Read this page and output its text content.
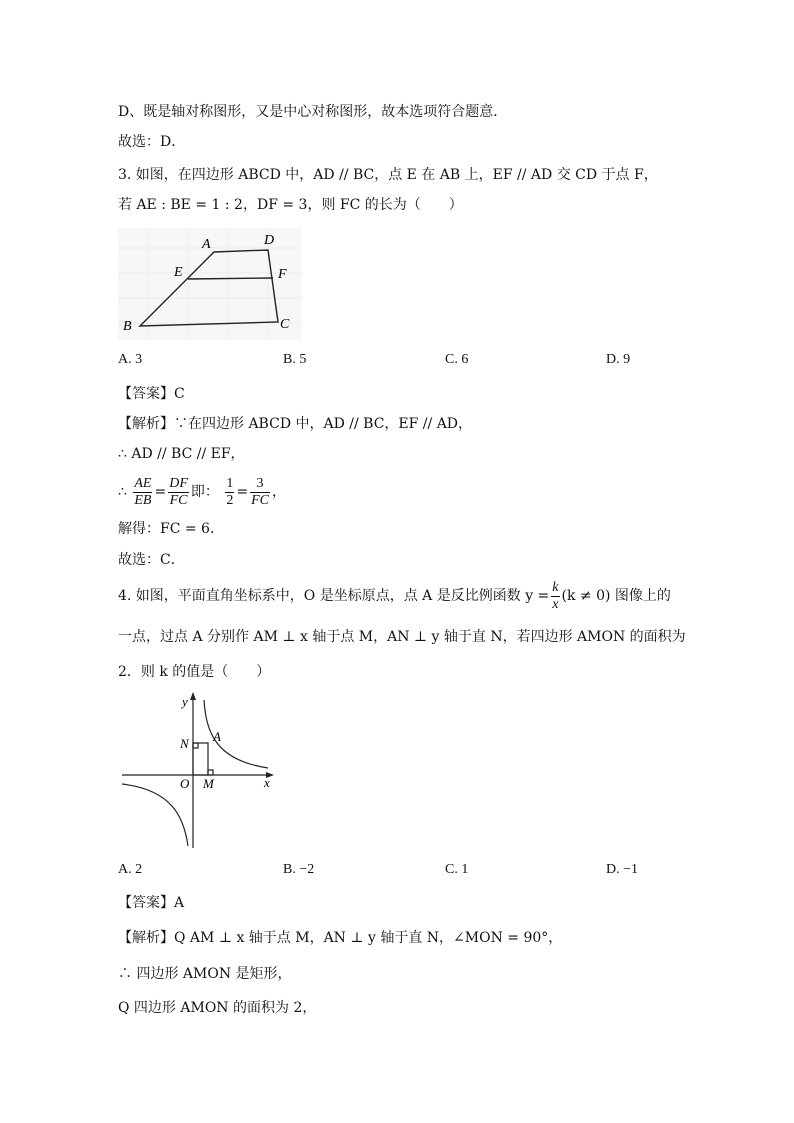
D、既是轴对称图形，又是中心对称图形，故本选项符合题意．
故选：D．
3. 如图，在四边形 ABCD 中，AD // BC，点 E 在 AB 上，EF // AD 交 CD 于点 F，
若 AE : BE = 1 : 2，DF = 3，则 FC 的长为（　　）
A	D
E	F
B	C
A. 3	B. 5	C. 6	D. 9
【答案】C
【解析】∵在四边形 ABCD 中，AD // BC，EF // AD，
∴ AD // BC // EF，
∴ $\frac{AE}{EB} = \frac{DF}{FC}$ 即： $\frac{1}{2} = \frac{3}{FC}$ ，
解得：FC = 6．
故选：C．
4. 如图，平面直角坐标系中，O 是坐标原点，点 A 是反比例函数 $y = \frac{k}{x} (k \ne 0)$ 图像上的
一点，过点 A 分别作 AM ⊥ x 轴于点 M，AN ⊥ y 轴于直 N，若四边形 AMON 的面积为
2．则 k 的值是（　　）
y
x
O M
N A
A. 2	B. −2	C. 1	D. −1
【答案】A
【解析】Q AM ⊥ x 轴于点 M，AN ⊥ y 轴于直 N，∠MON = 90°，
∴ 四边形 AMON 是矩形，
Q 四边形 AMON 的面积为 2，
